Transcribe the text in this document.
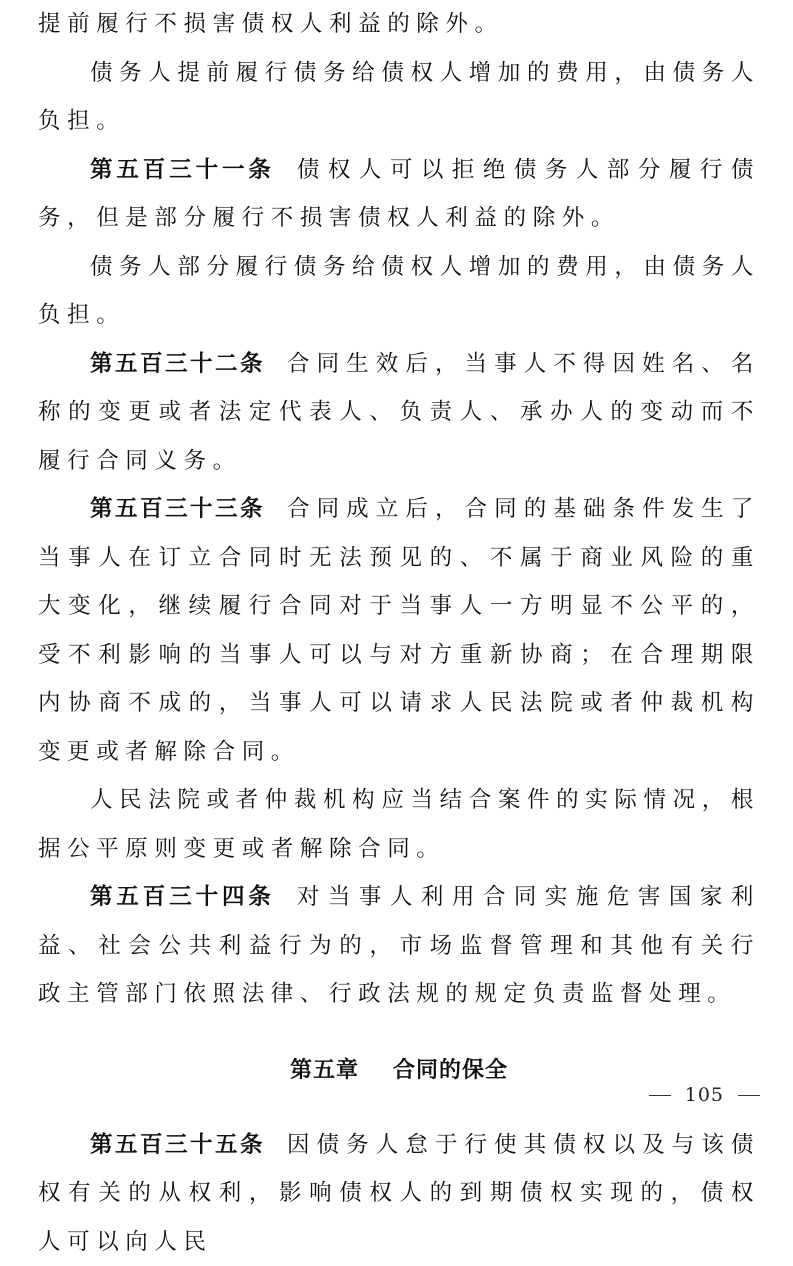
提前履行不损害债权人利益的除外。

债务人提前履行债务给债权人增加的费用，由债务人负担。

第五百三十一条 债权人可以拒绝债务人部分履行债务，但是部分履行不损害债权人利益的除外。

债务人部分履行债务给债权人增加的费用，由债务人负担。

第五百三十二条 合同生效后，当事人不得因姓名、名称的变更或者法定代表人、负责人、承办人的变动而不履行合同义务。

第五百三十三条 合同成立后，合同的基础条件发生了当事人在订立合同时无法预见的、不属于商业风险的重大变化，继续履行合同对于当事人一方明显不公平的，受不利影响的当事人可以与对方重新协商；在合理期限内协商不成的，当事人可以请求人民法院或者仲裁机构变更或者解除合同。

人民法院或者仲裁机构应当结合案件的实际情况，根据公平原则变更或者解除合同。

第五百三十四条 对当事人利用合同实施危害国家利益、社会公共利益行为的，市场监督管理和其他有关行政主管部门依照法律、行政法规的规定负责监督处理。

第五章 合同的保全

第五百三十五条 因债务人怠于行使其债权以及与该债权有关的从权利，影响债权人的到期债权实现的，债权人可以向人民

105
